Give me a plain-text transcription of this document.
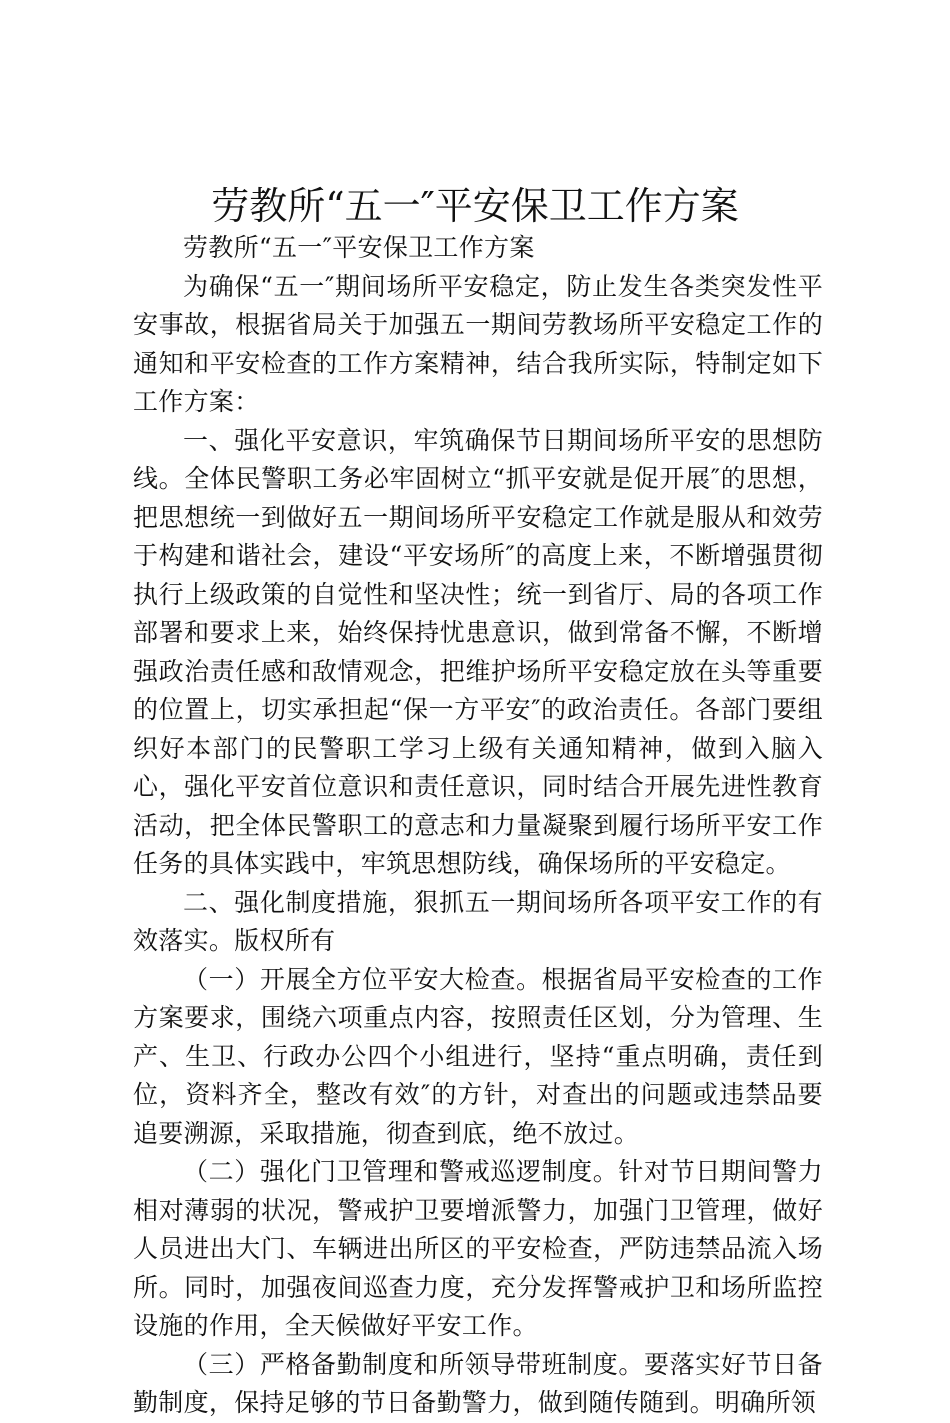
劳教所“五一″平安保卫工作方案

劳教所“五一″平安保卫工作方案

为确保“五一″期间场所平安稳定，防止发生各类突发性平安事故，根据省局关于加强五一期间劳教场所平安稳定工作的通知和平安检查的工作方案精神，结合我所实际，特制定如下工作方案：

一、强化平安意识，牢筑确保节日期间场所平安的思想防线。全体民警职工务必牢固树立“抓平安就是促开展″的思想，把思想统一到做好五一期间场所平安稳定工作就是服从和效劳于构建和谐社会，建设“平安场所″的高度上来，不断增强贯彻执行上级政策的自觉性和坚决性；统一到省厅、局的各项工作部署和要求上来，始终保持忧患意识，做到常备不懈，不断增强政治责任感和敌情观念，把维护场所平安稳定放在头等重要的位置上，切实承担起“保一方平安″的政治责任。各部门要组织好本部门的民警职工学习上级有关通知精神，做到入脑入心，强化平安首位意识和责任意识，同时结合开展先进性教育活动，把全体民警职工的意志和力量凝聚到履行场所平安工作任务的具体实践中，牢筑思想防线，确保场所的平安稳定。

二、强化制度措施，狠抓五一期间场所各项平安工作的有效落实。版权所有

（一）开展全方位平安大检查。根据省局平安检查的工作方案要求，围绕六项重点内容，按照责任区划，分为管理、生产、生卫、行政办公四个小组进行，坚持“重点明确，责任到位，资料齐全，整改有效″的方针，对查出的问题或违禁品要追要溯源，采取措施，彻查到底，绝不放过。

（二）强化门卫管理和警戒巡逻制度。针对节日期间警力相对薄弱的状况，警戒护卫要增派警力，加强门卫管理，做好人员进出大门、车辆进出所区的平安检查，严防违禁品流入场所。同时，加强夜间巡查力度，充分发挥警戒护卫和场所监控设施的作用，全天候做好平安工作。

（三）严格备勤制度和所领导带班制度。要落实好节日备勤制度，保持足够的节日备勤警力，做到随传随到。明确所领
